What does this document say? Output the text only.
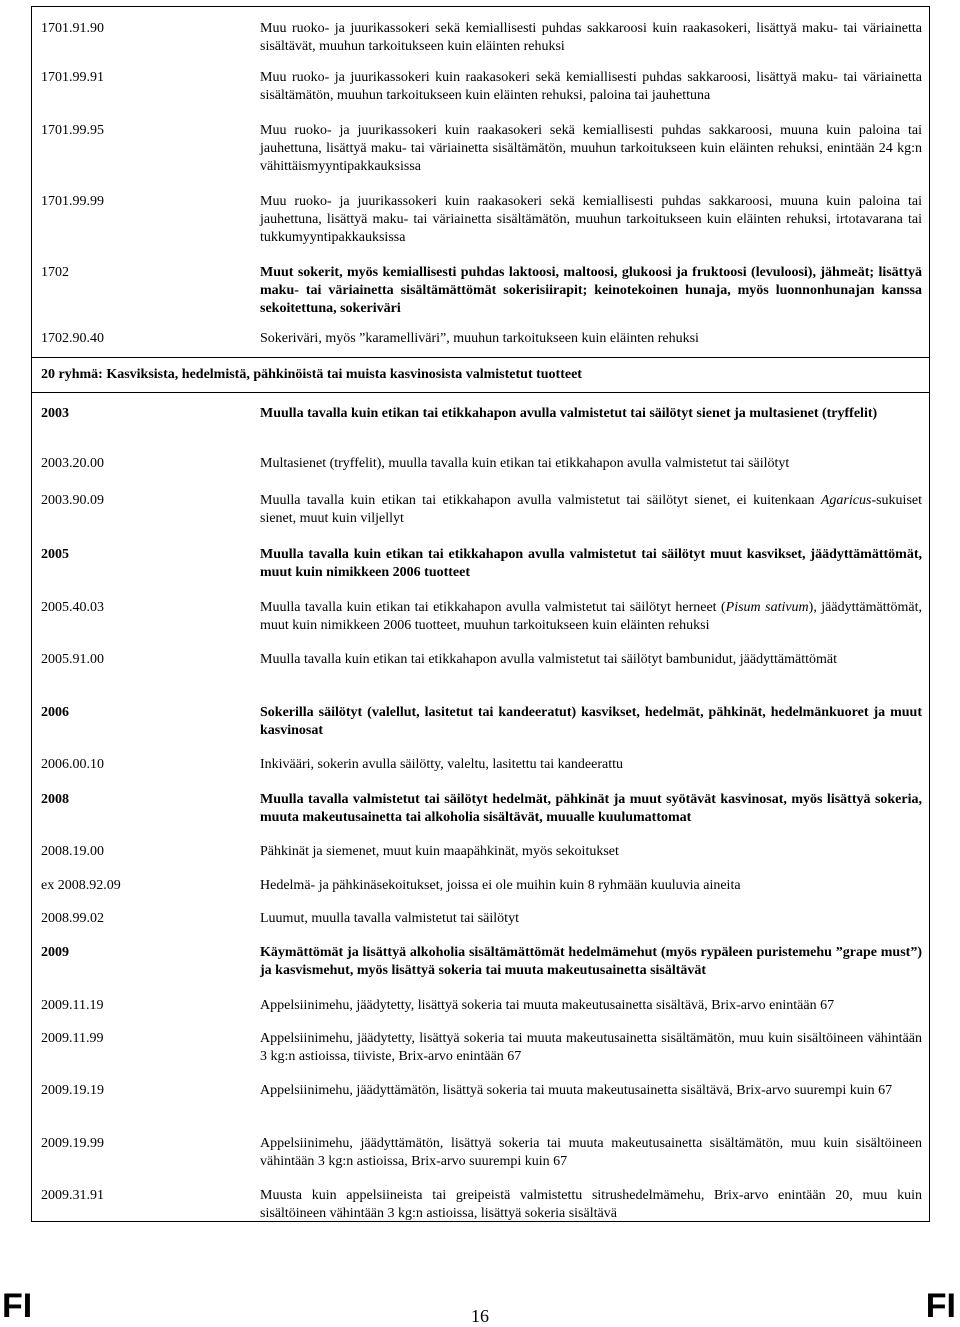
1701.91.90	Muu ruoko- ja juurikassokeri sekä kemiallisesti puhdas sakkaroosi kuin raakasokeri, lisättyä maku- tai väriainetta sisältävät, muuhun tarkoitukseen kuin eläinten rehuksi
1701.99.91	Muu ruoko- ja juurikassokeri kuin raakasokeri sekä kemiallisesti puhdas sakkaroosi, lisättyä maku- tai väriainetta sisältämätön, muuhun tarkoitukseen kuin eläinten rehuksi, paloina tai jauhettuna
1701.99.95	Muu ruoko- ja juurikassokeri kuin raakasokeri sekä kemiallisesti puhdas sakkaroosi, muuna kuin paloina tai jauhettuna, lisättyä maku- tai väriainetta sisältämätön, muuhun tarkoitukseen kuin eläinten rehuksi, enintään 24 kg:n vähittäismyyntipakkauksissa
1701.99.99	Muu ruoko- ja juurikassokeri kuin raakasokeri sekä kemiallisesti puhdas sakkaroosi, muuna kuin paloina tai jauhettuna, lisättyä maku- tai väriainetta sisältämätön, muuhun tarkoitukseen kuin eläinten rehuksi, irtotavarana tai tukkumyyntipakkauksissa
1702	Muut sokerit, myös kemiallisesti puhdas laktoosi, maltoosi, glukoosi ja fruktoosi (levuloosi), jähmeät; lisättyä maku- tai väriainetta sisältämättömät sokerisiirapit; keinotekoinen hunaja, myös luonnonhunajan kanssa sekoitettuna, sokeriväri
1702.90.40	Sokeriväri, myös ”karamelliväri”, muuhun tarkoitukseen kuin eläinten rehuksi
20 ryhmä: Kasviksista, hedelmistä, pähkinöistä tai muista kasvinosista valmistetut tuotteet
2003	Muulla tavalla kuin etikan tai etikkahapon avulla valmistetut tai säilötyt sienet ja multasienet (tryffelit)
2003.20.00	Multasienet (tryffelit), muulla tavalla kuin etikan tai etikkahapon avulla valmistetut tai säilötyt
2003.90.09	Muulla tavalla kuin etikan tai etikkahapon avulla valmistetut tai säilötyt sienet, ei kuitenkaan Agaricus-sukuiset sienet, muut kuin viljellyt
2005	Muulla tavalla kuin etikan tai etikkahapon avulla valmistetut tai säilötyt muut kasvikset, jäädyttämättömät, muut kuin nimikkeen 2006 tuotteet
2005.40.03	Muulla tavalla kuin etikan tai etikkahapon avulla valmistetut tai säilötyt herneet (Pisum sativum), jäädyttämättömät, muut kuin nimikkeen 2006 tuotteet, muuhun tarkoitukseen kuin eläinten rehuksi
2005.91.00	Muulla tavalla kuin etikan tai etikkahapon avulla valmistetut tai säilötyt bambunidut, jäädyttämättömät
2006	Sokerilla säilötyt (valellut, lasitetut tai kandeeratut) kasvikset, hedelmät, pähkinät, hedelmänkuoret ja muut kasvinosat
2006.00.10	Inkivääri, sokerin avulla säilötty, valeltu, lasitettu tai kandeerattu
2008	Muulla tavalla valmistetut tai säilötyt hedelmät, pähkinät ja muut syötävät kasvinosat, myös lisättyä sokeria, muuta makeutusainetta tai alkoholia sisältävät, muualle kuulumattomat
2008.19.00	Pähkinät ja siemenet, muut kuin maapähkinät, myös sekoitukset
ex 2008.92.09	Hedelmä- ja pähkinäsekoitukset, joissa ei ole muihin kuin 8 ryhmään kuuluvia aineita
2008.99.02	Luumut, muulla tavalla valmistetut tai säilötyt
2009	Käymättömät ja lisättyä alkoholia sisältämättömät hedelmämehut (myös rypäleen puristemehu ”grape must”) ja kasvismehut, myös lisättyä sokeria tai muuta makeutusainetta sisältävät
2009.11.19	Appelsiinimehu, jäädytetty, lisättyä sokeria tai muuta makeutusainetta sisältävä, Brix-arvo enintään 67
2009.11.99	Appelsiinimehu, jäädytetty, lisättyä sokeria tai muuta makeutusainetta sisältämätön, muu kuin sisältöineen vähintään 3 kg:n astioissa, tiiviste, Brix-arvo enintään 67
2009.19.19	Appelsiinimehu, jäädyttämätön, lisättyä sokeria tai muuta makeutusainetta sisältävä, Brix-arvo suurempi kuin 67
2009.19.99	Appelsiinimehu, jäädyttämätön, lisättyä sokeria tai muuta makeutusainetta sisältämätön, muu kuin sisältöineen vähintään 3 kg:n astioissa, Brix-arvo suurempi kuin 67
2009.31.91	Muusta kuin appelsiineista tai greipeistä valmistettu sitrushedelmämehu, Brix-arvo enintään 20, muu kuin sisältöineen vähintään 3 kg:n astioissa, lisättyä sokeria sisältävä
FI	16	FI
